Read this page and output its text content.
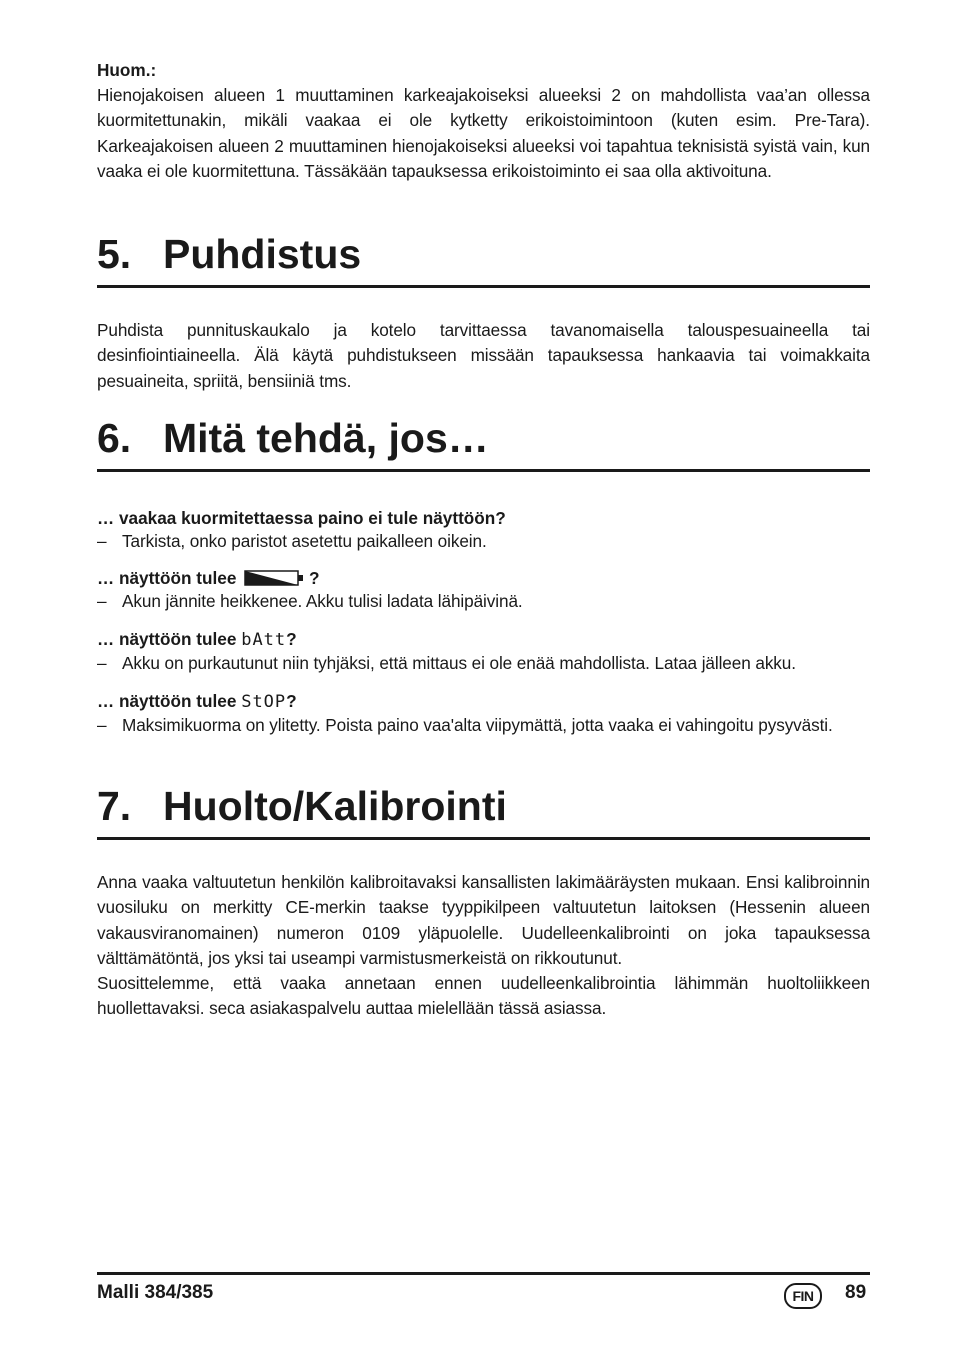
Huom.:

Hienojakoisen alueen 1 muuttaminen karkeajakoiseksi alueeksi 2 on mahdollista vaa’an ollessa kuormitettunakin, mikäli vaakaa ei ole kytketty erikoistoimintoon (kuten esim. Pre-Tara). Karkeajakoisen alueen 2 muuttaminen hienojakoiseksi alueeksi voi tapahtua teknisistä syistä vain, kun vaaka ei ole kuormitettuna. Tässäkään tapauksessa erikoistoiminto ei saa olla aktivoituna.

5. Puhdistus

Puhdista punnituskaukalo ja kotelo tarvittaessa tavanomaisella talouspesuaineella tai desinfiointiaineella. Älä käytä puhdistukseen missään tapauksessa hankaavia tai voimakkaita pesuaineita, spriitä, bensiiniä tms.

6. Mitä tehdä, jos…

… vaakaa kuormitettaessa paino ei tule näyttöön?

– Tarkista, onko paristot asetettu paikalleen oikein.

… näyttöön tulee	?

– Akun jännite heikkenee. Akku tulisi ladata lähipäivinä.

… näyttöön tulee bAtt?

– Akku on purkautunut niin tyhjäksi, että mittaus ei ole enää mahdollista. Lataa jälleen akku.

… näyttöön tulee StOP?

– Maksimikuorma on ylitetty. Poista paino vaa'alta viipymättä, jotta vaaka ei vahingoitu pysyvästi.

7. Huolto/Kalibrointi

Anna vaaka valtuutetun henkilön kalibroitavaksi kansallisten lakimääräysten mukaan. Ensi kalibroinnin vuosiluku on merkitty CE-merkin taakse tyyppikilpeen valtuutetun laitoksen (Hessenin alueen vakausviranomainen) numeron 0109 yläpuolelle. Uudelleenkalibrointi on joka tapauksessa välttämätöntä, jos yksi tai useampi varmistusmerkeistä on rikkoutunut.

Suosittelemme, että vaaka annetaan ennen uudelleenkalibrointia lähimmän huoltoliikkeen huollettavaksi. seca asiakaspalvelu auttaa mielellään tässä asiassa.

Malli 384/385	FIN	89
